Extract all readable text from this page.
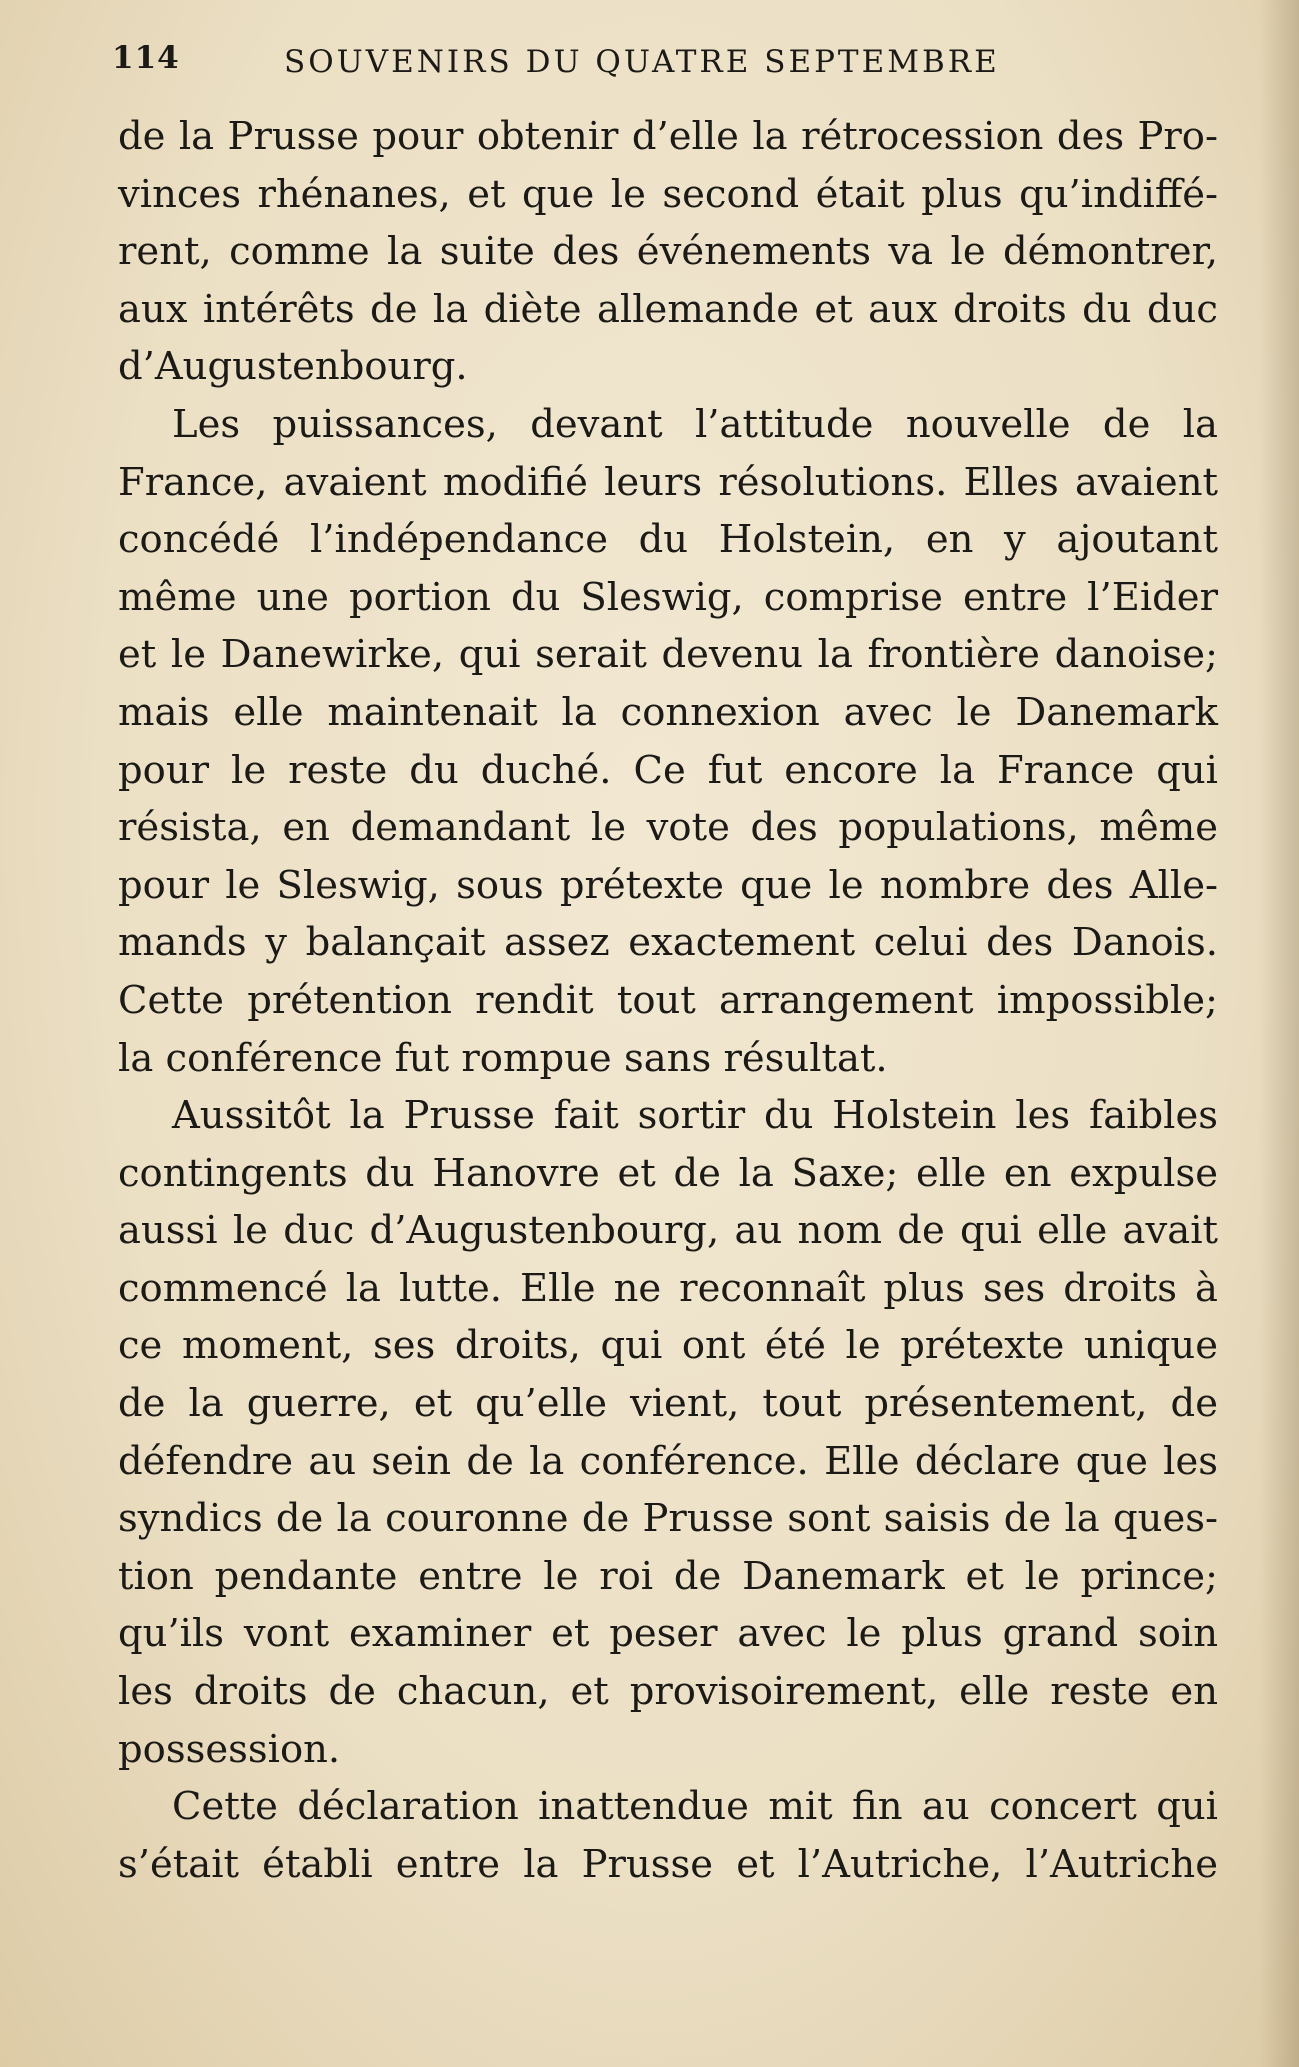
114	SOUVENIRS DU QUATRE SEPTEMBRE
de la Prusse pour obtenir d’elle la rétrocession des Pro-
vinces rhénanes, et que le second était plus qu’indiffé-
rent, comme la suite des événements va le démontrer,
aux intérêts de la diète allemande et aux droits du duc
d’Augustenbourg.
Les puissances, devant l’attitude nouvelle de la
France, avaient modifié leurs résolutions. Elles avaient
concédé l’indépendance du Holstein, en y ajoutant
même une portion du Sleswig, comprise entre l’Eider
et le Danewirke, qui serait devenu la frontière danoise;
mais elle maintenait la connexion avec le Danemark
pour le reste du duché. Ce fut encore la France qui
résista, en demandant le vote des populations, même
pour le Sleswig, sous prétexte que le nombre des Alle-
mands y balançait assez exactement celui des Danois.
Cette prétention rendit tout arrangement impossible;
la conférence fut rompue sans résultat.
Aussitôt la Prusse fait sortir du Holstein les faibles
contingents du Hanovre et de la Saxe; elle en expulse
aussi le duc d’Augustenbourg, au nom de qui elle avait
commencé la lutte. Elle ne reconnaît plus ses droits à
ce moment, ses droits, qui ont été le prétexte unique
de la guerre, et qu’elle vient, tout présentement, de
défendre au sein de la conférence. Elle déclare que les
syndics de la couronne de Prusse sont saisis de la ques-
tion pendante entre le roi de Danemark et le prince;
qu’ils vont examiner et peser avec le plus grand soin
les droits de chacun, et provisoirement, elle reste en
possession.
Cette déclaration inattendue mit fin au concert qui
s’était établi entre la Prusse et l’Autriche, l’Autriche
